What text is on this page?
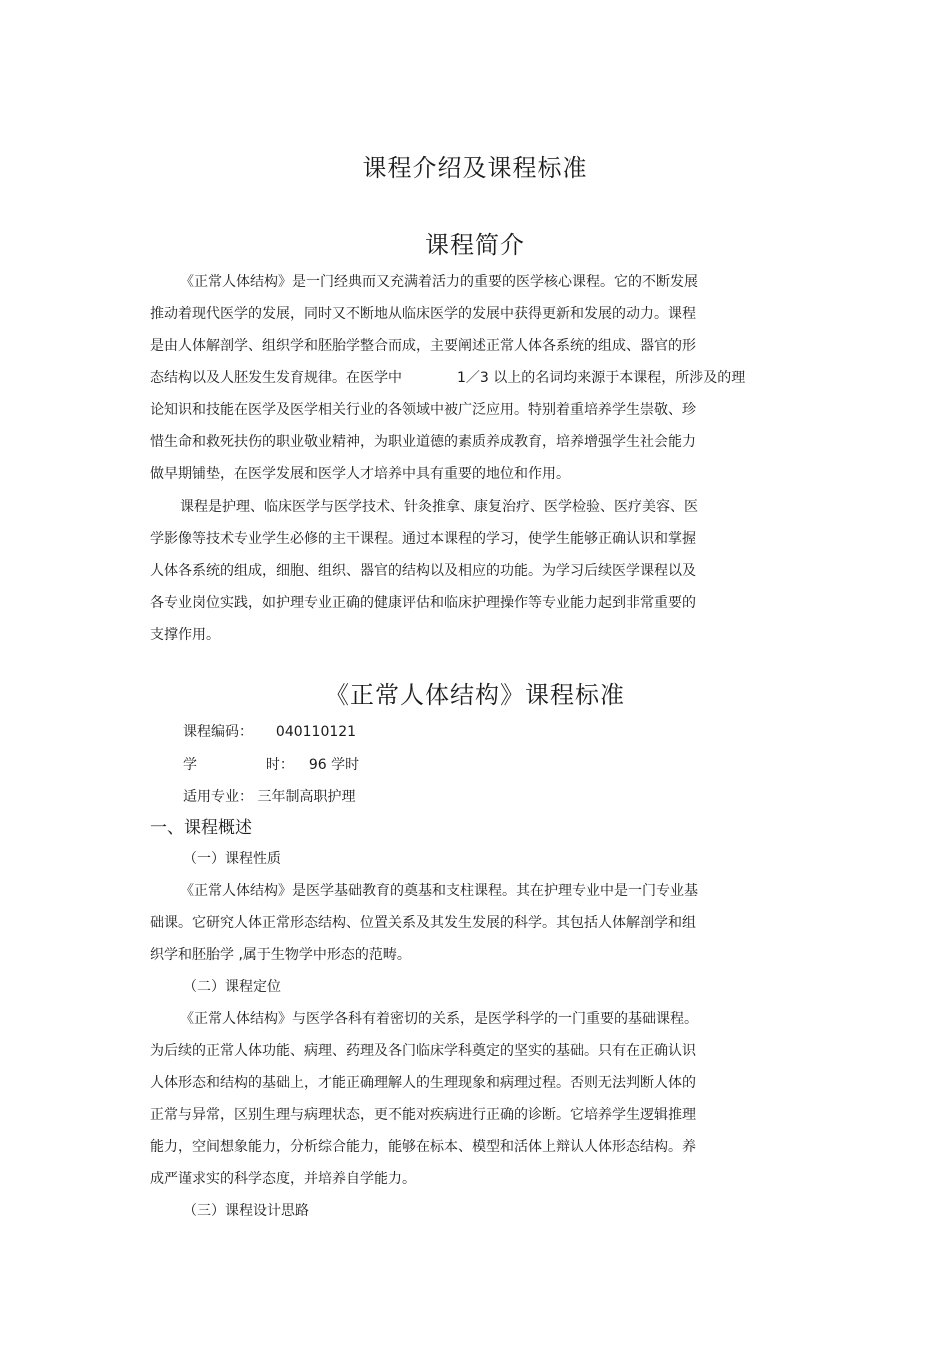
课程介绍及课程标准
课程简介
《正常人体结构》是一门经典而又充满着活力的重要的医学核心课程。它的不断发展
推动着现代医学的发展，同时又不断地从临床医学的发展中获得更新和发展的动力。课程
是由人体解剖学、组织学和胚胎学整合而成，主要阐述正常人体各系统的组成、器官的形
态结构以及人胚发生发育规律。在医学中	1／3 以上的名词均来源于本课程，所涉及的理
论知识和技能在医学及医学相关行业的各领域中被广泛应用。特别着重培养学生崇敬、珍
惜生命和救死扶伤的职业敬业精神，为职业道德的素质养成教育，培养增强学生社会能力
做早期铺垫，在医学发展和医学人才培养中具有重要的地位和作用。
课程是护理、临床医学与医学技术、针灸推拿、康复治疗、医学检验、医疗美容、医
学影像等技术专业学生必修的主干课程。通过本课程的学习，使学生能够正确认识和掌握
人体各系统的组成，细胞、组织、器官的结构以及相应的功能。为学习后续医学课程以及
各专业岗位实践，如护理专业正确的健康评估和临床护理操作等专业能力起到非常重要的
支撑作用。
《正常人体结构》课程标准
课程编码： 040110121
学	时： 96 学时
适用专业： 三年制高职护理
一、课程概述
（一）课程性质
《正常人体结构》是医学基础教育的奠基和支柱课程。其在护理专业中是一门专业基
础课。它研究人体正常形态结构、位置关系及其发生发展的科学。其包括人体解剖学和组
织学和胚胎学 ,属于生物学中形态的范畴。
（二）课程定位
《正常人体结构》与医学各科有着密切的关系，是医学科学的一门重要的基础课程。
为后续的正常人体功能、病理、药理及各门临床学科奠定的坚实的基础。只有在正确认识
人体形态和结构的基础上，才能正确理解人的生理现象和病理过程。否则无法判断人体的
正常与异常，区别生理与病理状态，更不能对疾病进行正确的诊断。它培养学生逻辑推理
能力，空间想象能力，分析综合能力，能够在标本、模型和活体上辩认人体形态结构。养
成严谨求实的科学态度，并培养自学能力。
（三）课程设计思路
